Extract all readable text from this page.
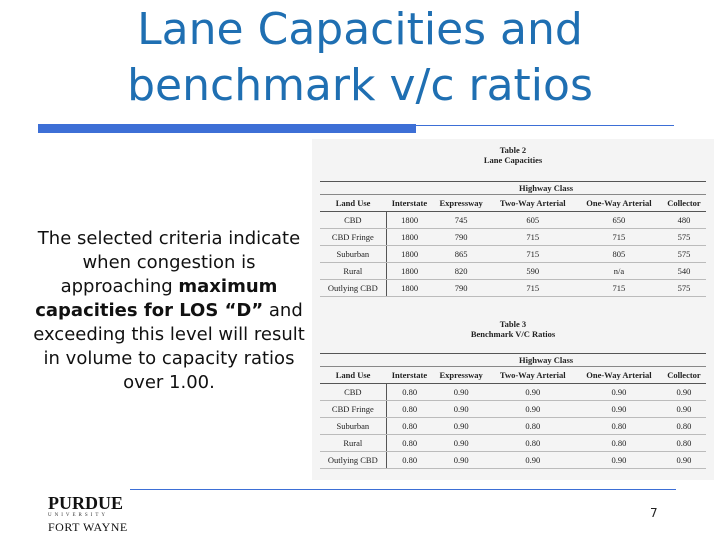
Lane Capacities and
benchmark v/c ratios
The selected criteria indicate when congestion is approaching maximum capacities for LOS “D” and exceeding this level will result in volume to capacity ratios over 1.00.
Table 2
Lane Capacities
	Highway Class				
Land Use	Interstate	Expressway	Two-Way Arterial	One-Way Arterial	Collector
CBD	1800	745	605	650	480
CBD Fringe	1800	790	715	715	575
Suburban	1800	865	715	805	575
Rural	1800	820	590	n/a	540
Outlying CBD	1800	790	715	715	575
Table 3
Benchmark V/C Ratios
	Highway Class				
Land Use	Interstate	Expressway	Two-Way Arterial	One-Way Arterial	Collector
CBD	0.80	0.90	0.90	0.90	0.90
CBD Fringe	0.80	0.90	0.90	0.90	0.90
Suburban	0.80	0.90	0.80	0.80	0.80
Rural	0.80	0.90	0.80	0.80	0.80
Outlying CBD	0.80	0.90	0.90	0.90	0.90
PURDUE
UNIVERSITY
FORT WAYNE
7
